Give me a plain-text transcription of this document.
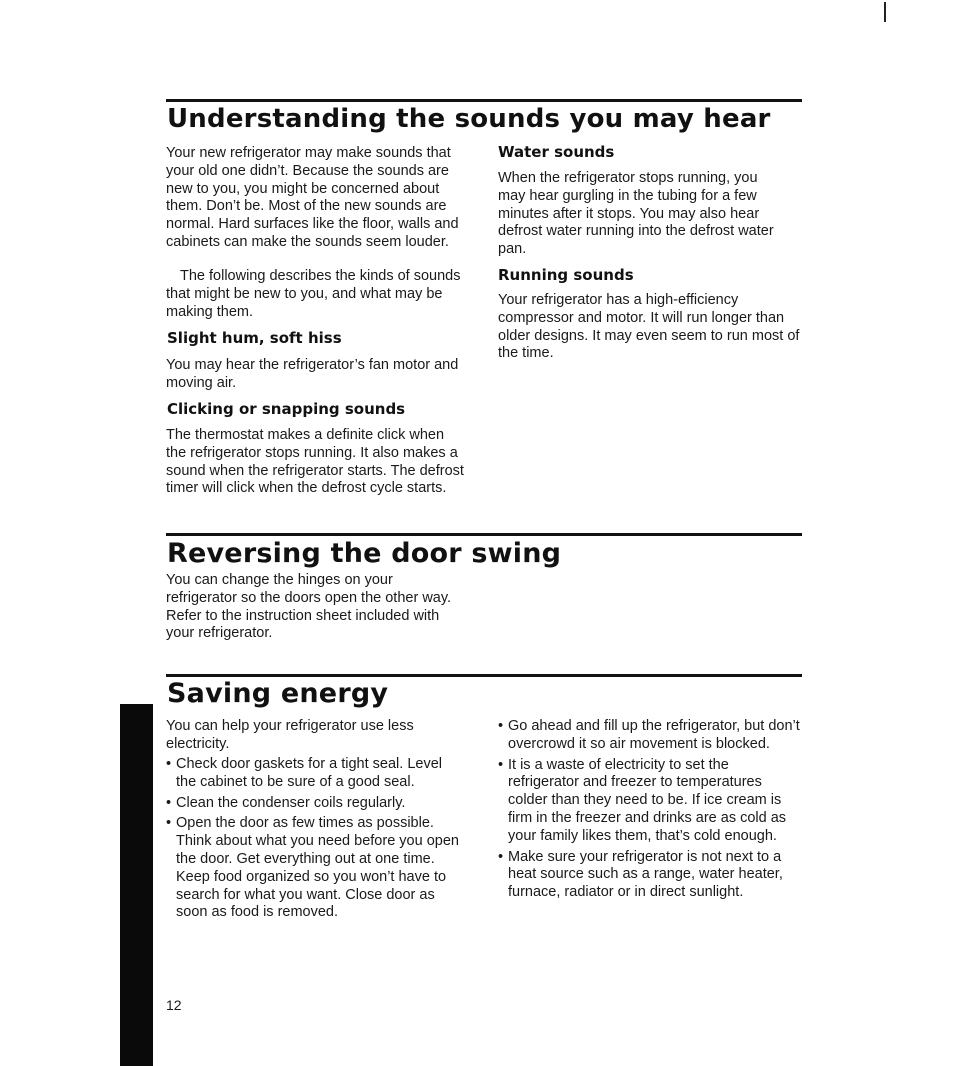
Understanding the sounds you may hear

Your new refrigerator may make sounds that your old one didn’t. Because the sounds are new to you, you might be concerned about them. Don’t be. Most of the new sounds are normal. Hard surfaces like the floor, walls and cabinets can make the sounds seem louder.

The following describes the kinds of sounds that might be new to you, and what may be making them.

Slight hum, soft hiss

You may hear the refrigerator’s fan motor and moving air.

Clicking or snapping sounds

The thermostat makes a definite click when the refrigerator stops running. It also makes a sound when the refrigerator starts. The defrost timer will click when the defrost cycle starts.

Water sounds

When the refrigerator stops running, you may hear gurgling in the tubing for a few minutes after it stops. You may also hear defrost water running into the defrost water pan.

Running sounds

Your refrigerator has a high-efficiency compressor and motor. It will run longer than older designs. It may even seem to run most of the time.

Reversing the door swing

You can change the hinges on your refrigerator so the doors open the other way. Refer to the instruction sheet included with your refrigerator.

Saving energy

You can help your refrigerator use less electricity.

• Check door gaskets for a tight seal. Level the cabinet to be sure of a good seal.
• Clean the condenser coils regularly.
• Open the door as few times as possible. Think about what you need before you open the door. Get everything out at one time. Keep food organized so you won’t have to search for what you want. Close door as soon as food is removed.
• Go ahead and fill up the refrigerator, but don’t overcrowd it so air movement is blocked.
• It is a waste of electricity to set the refrigerator and freezer to temperatures colder than they need to be. If ice cream is firm in the freezer and drinks are as cold as your family likes them, that’s cold enough.
• Make sure your refrigerator is not next to a heat source such as a range, water heater, furnace, radiator or in direct sunlight.

12
